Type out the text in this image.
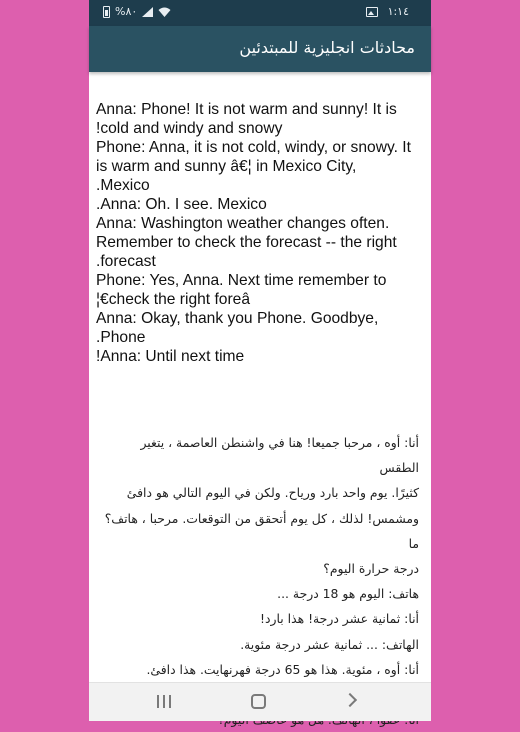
%٨٠	١:١٤
محادثات انجليزية للمبتدئين

Anna: Phone! It is not warm and sunny! It is

!cold and windy and snowy

Phone: Anna, it is not cold, windy, or snowy. It

is warm and sunny â€¦ in Mexico City,

.Mexico

.Anna: Oh. I see. Mexico

Anna: Washington weather changes often.

Remember to check the forecast -- the right

.forecast

Phone: Yes, Anna. Next time remember to

¦€check the right foreâ

Anna: Okay, thank you Phone. Goodbye,

.Phone

!Anna: Until next time

أنا: أوه ، مرحبا جميعا! هنا في واشنطن العاصمة ، يتغير الطقس

كثيرًا. يوم واحد بارد ورياح. ولكن في اليوم التالي هو دافئ

ومشمس! لذلك ، كل يوم أتحقق من التوقعات. مرحبا ، هاتف؟ ما

درجة حرارة اليوم؟

هاتف: اليوم هو 18 درجة ...

أنا: ثمانية عشر درجة! هذا بارد!

الهاتف: ... ثمانية عشر درجة مئوية.

أنا: أوه ، مئوية. هذا هو 65 درجة فهرنهايت. هذا دافئ.
